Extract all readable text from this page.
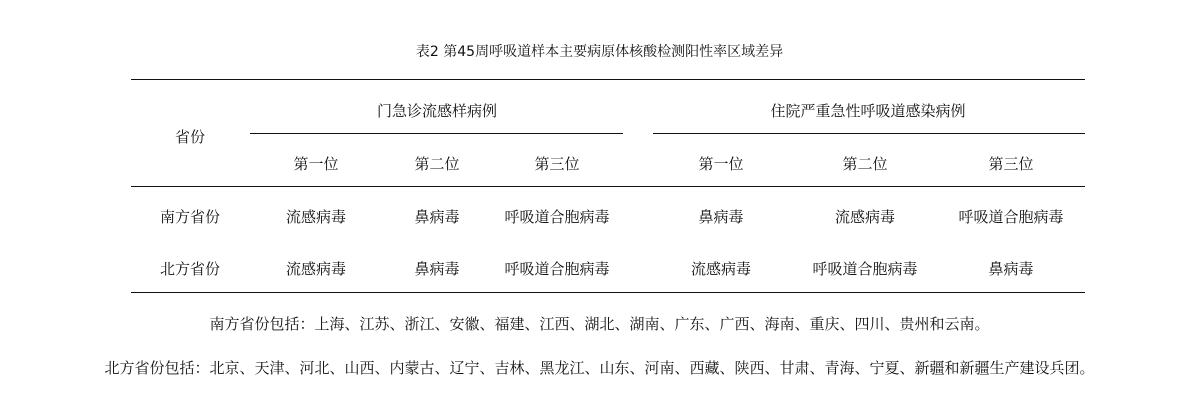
表2 第45周呼吸道样本主要病原体核酸检测阳性率区域差异
省份
门急诊流感样病例	住院严重急性呼吸道感染病例
第一位	第二位	第三位	第一位	第二位	第三位
南方省份	流感病毒	鼻病毒	呼吸道合胞病毒	鼻病毒	流感病毒	呼吸道合胞病毒
北方省份	流感病毒	鼻病毒	呼吸道合胞病毒	流感病毒	呼吸道合胞病毒	鼻病毒
南方省份包括：上海、江苏、浙江、安徽、福建、江西、湖北、湖南、广东、广西、海南、重庆、四川、贵州和云南。
北方省份包括：北京、天津、河北、山西、内蒙古、辽宁、吉林、黑龙江、山东、河南、西藏、陕西、甘肃、青海、宁夏、新疆和新疆生产建设兵团。
